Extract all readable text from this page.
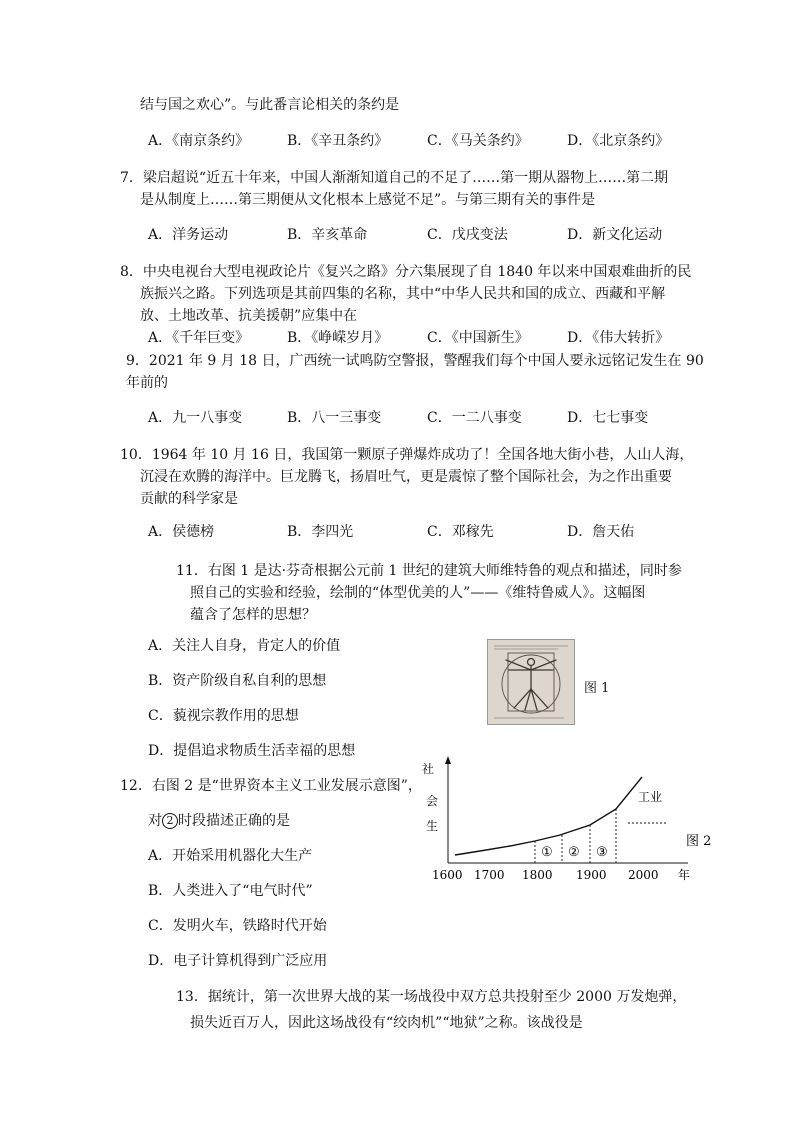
结与国之欢心”。与此番言论相关的条约是
A．《南京条约》	B．《辛丑条约》	C．《马关条约》	D．《北京条约》
7．梁启超说“近五十年来，中国人渐渐知道自己的不足了……第一期从器物上……第二期
是从制度上……第三期便从文化根本上感觉不足”。与第三期有关的事件是
A．洋务运动	B．辛亥革命	C．戊戌变法	D．新文化运动
8．中央电视台大型电视政论片《复兴之路》分六集展现了自 1840 年以来中国艰难曲折的民
族振兴之路。下列选项是其前四集的名称，其中“中华人民共和国的成立、西藏和平解
放、土地改革、抗美援朝”应集中在
A．《千年巨变》	B．《峥嵘岁月》	C．《中国新生》	D．《伟大转折》
9．2021 年 9 月 18 日，广西统一试鸣防空警报，警醒我们每个中国人要永远铭记发生在 90
年前的
A．九一八事变	B．八一三事变	C．一二八事变	D．七七事变
10．1964 年 10 月 16 日，我国第一颗原子弹爆炸成功了！全国各地大街小巷，人山人海，
沉浸在欢腾的海洋中。巨龙腾飞，扬眉吐气，更是震惊了整个国际社会，为之作出重要
贡献的科学家是
A．侯德榜	B．李四光	C．邓稼先	D．詹天佑
11．右图 1 是达·芬奇根据公元前 1 世纪的建筑大师维特鲁的观点和描述，同时参
照自己的实验和经验，绘制的“体型优美的人”——《维特鲁威人》。这幅图
蕴含了怎样的思想？
A．关注人自身，肯定人的价值
B．资产阶级自私自利的思想
C．藐视宗教作用的思想
D．提倡追求物质生活幸福的思想
图 1
12．右图 2 是“世界资本主义工业发展示意图”，
对 2 时段描述正确的是
A．开始采用机器化大生产
B．人类进入了“电气时代”
C．发明火车，铁路时代开始
D．电子计算机得到广泛应用
社
会
生
工业
① ② ③
1600 1700 1800 1900 2000 年
图 2
13．据统计，第一次世界大战的某一场战役中双方总共投射至少 2000 万发炮弹，
损失近百万人，因此这场战役有“绞肉机”“地狱”之称。该战役是
